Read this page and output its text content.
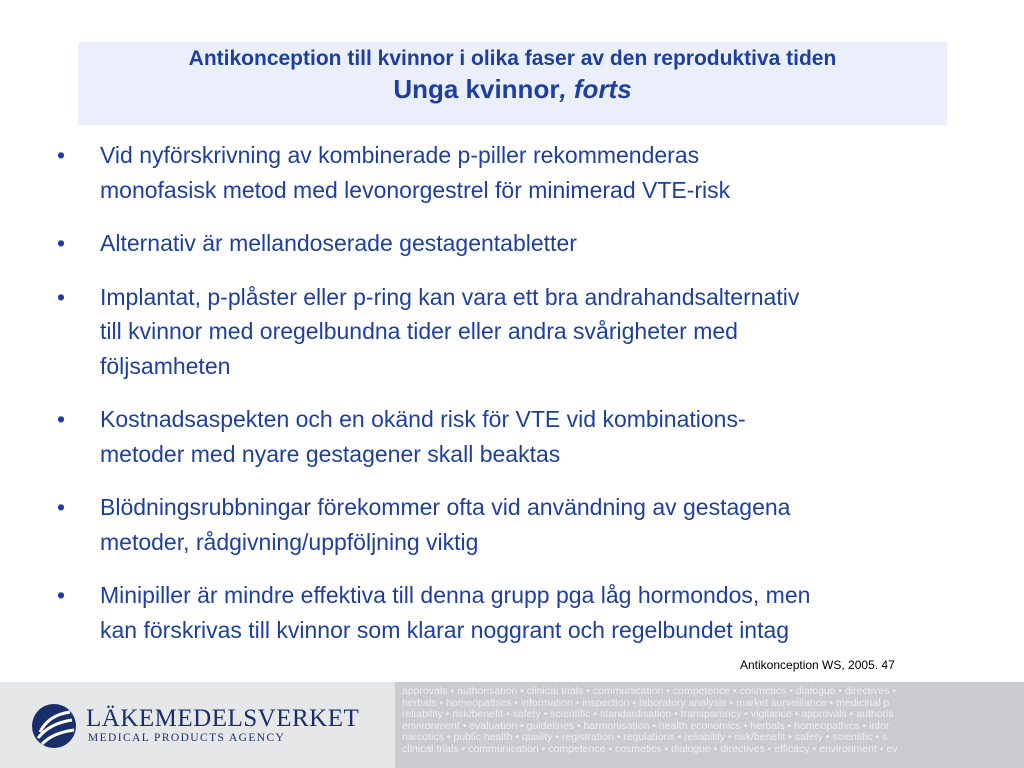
Antikonception till kvinnor i olika faser av den reproduktiva tiden
Unga kvinnor, forts
• Vid nyförskrivning av kombinerade p-piller rekommenderas
monofasisk metod med levonorgestrel för minimerad VTE-risk
• Alternativ är mellandoserade gestagentabletter
• Implantat, p-plåster eller p-ring kan vara ett bra andrahandsalternativ
till kvinnor med oregelbundna tider eller andra svårigheter med
följsamheten
• Kostnadsaspekten och en okänd risk för VTE vid kombinations-
metoder med nyare gestagener skall beaktas
• Blödningsrubbningar förekommer ofta vid användning av gestagena
metoder, rådgivning/uppföljning viktig
• Minipiller är mindre effektiva till denna grupp pga låg hormondos, men
kan förskrivas till kvinnor som klarar noggrant och regelbundet intag
Antikonception WS, 2005. 47
LÄKEMEDELSVERKET
MEDICAL PRODUCTS AGENCY
approvals • authorisation • clinical trials • communication • competence • cosmetics • dialogue • directives •
herbals • homeopathics • information • inspection • laboratory analysis • market surveillance • medicinal p
reliability • risk/benefit • safety • scientific • standardisation • transparency • vigilance • approvals • authoris
environment • evaluation • guidelines • harmonisation • health economics • herbals • homeopathics • infor
narcotics • public health • quality • registration • regulations • reliability • risk/benefit • safety • scientific • s
clinical trials • communication • competence • cosmetics • dialogue • directives • efficacy • environment • ev
